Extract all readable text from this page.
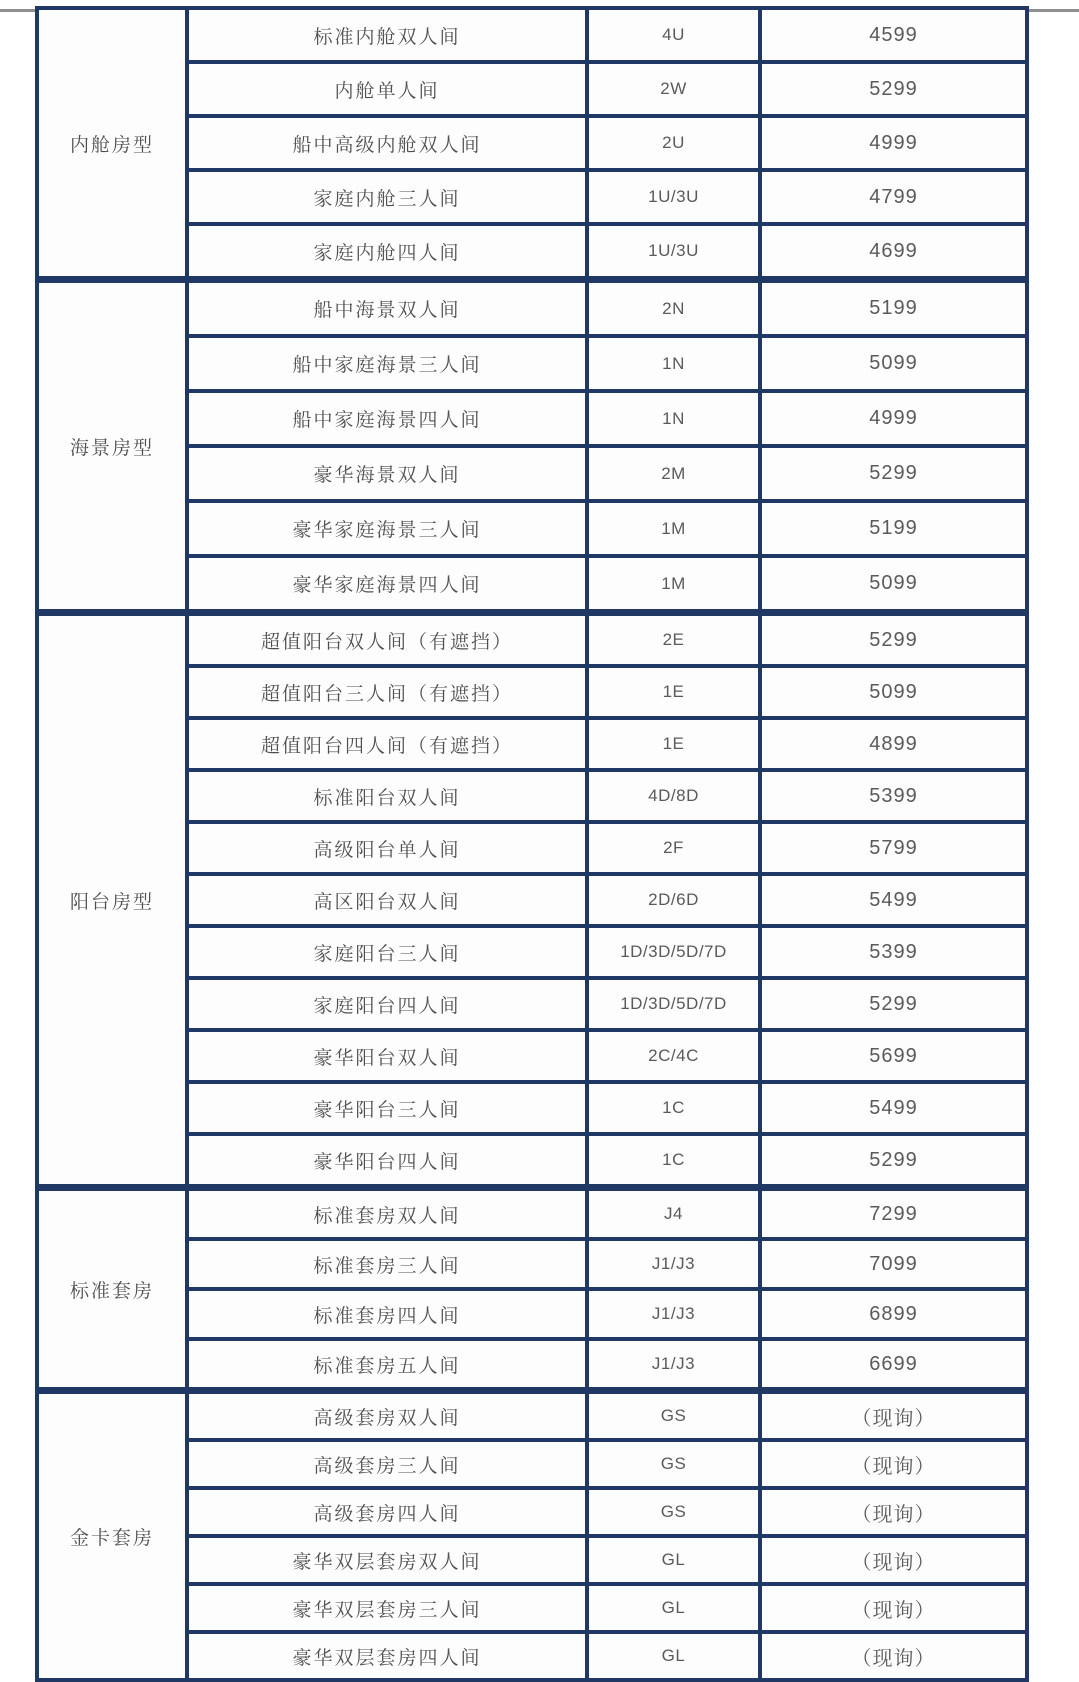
内舱房型	标准内舱双人间	4U	4599
	内舱单人间	2W	5299
	船中高级内舱双人间	2U	4999
	家庭内舱三人间	1U/3U	4799
	家庭内舱四人间	1U/3U	4699
海景房型	船中海景双人间	2N	5199
	船中家庭海景三人间	1N	5099
	船中家庭海景四人间	1N	4999
	豪华海景双人间	2M	5299
	豪华家庭海景三人间	1M	5199
	豪华家庭海景四人间	1M	5099
阳台房型	超值阳台双人间（有遮挡）	2E	5299
	超值阳台三人间（有遮挡）	1E	5099
	超值阳台四人间（有遮挡）	1E	4899
	标准阳台双人间	4D/8D	5399
	高级阳台单人间	2F	5799
	高区阳台双人间	2D/6D	5499
	家庭阳台三人间	1D/3D/5D/7D	5399
	家庭阳台四人间	1D/3D/5D/7D	5299
	豪华阳台双人间	2C/4C	5699
	豪华阳台三人间	1C	5499
	豪华阳台四人间	1C	5299
标准套房	标准套房双人间	J4	7299
	标准套房三人间	J1/J3	7099
	标准套房四人间	J1/J3	6899
	标准套房五人间	J1/J3	6699
金卡套房	高级套房双人间	GS	（现询）
	高级套房三人间	GS	（现询）
	高级套房四人间	GS	（现询）
	豪华双层套房双人间	GL	（现询）
	豪华双层套房三人间	GL	（现询）
	豪华双层套房四人间	GL	（现询）
